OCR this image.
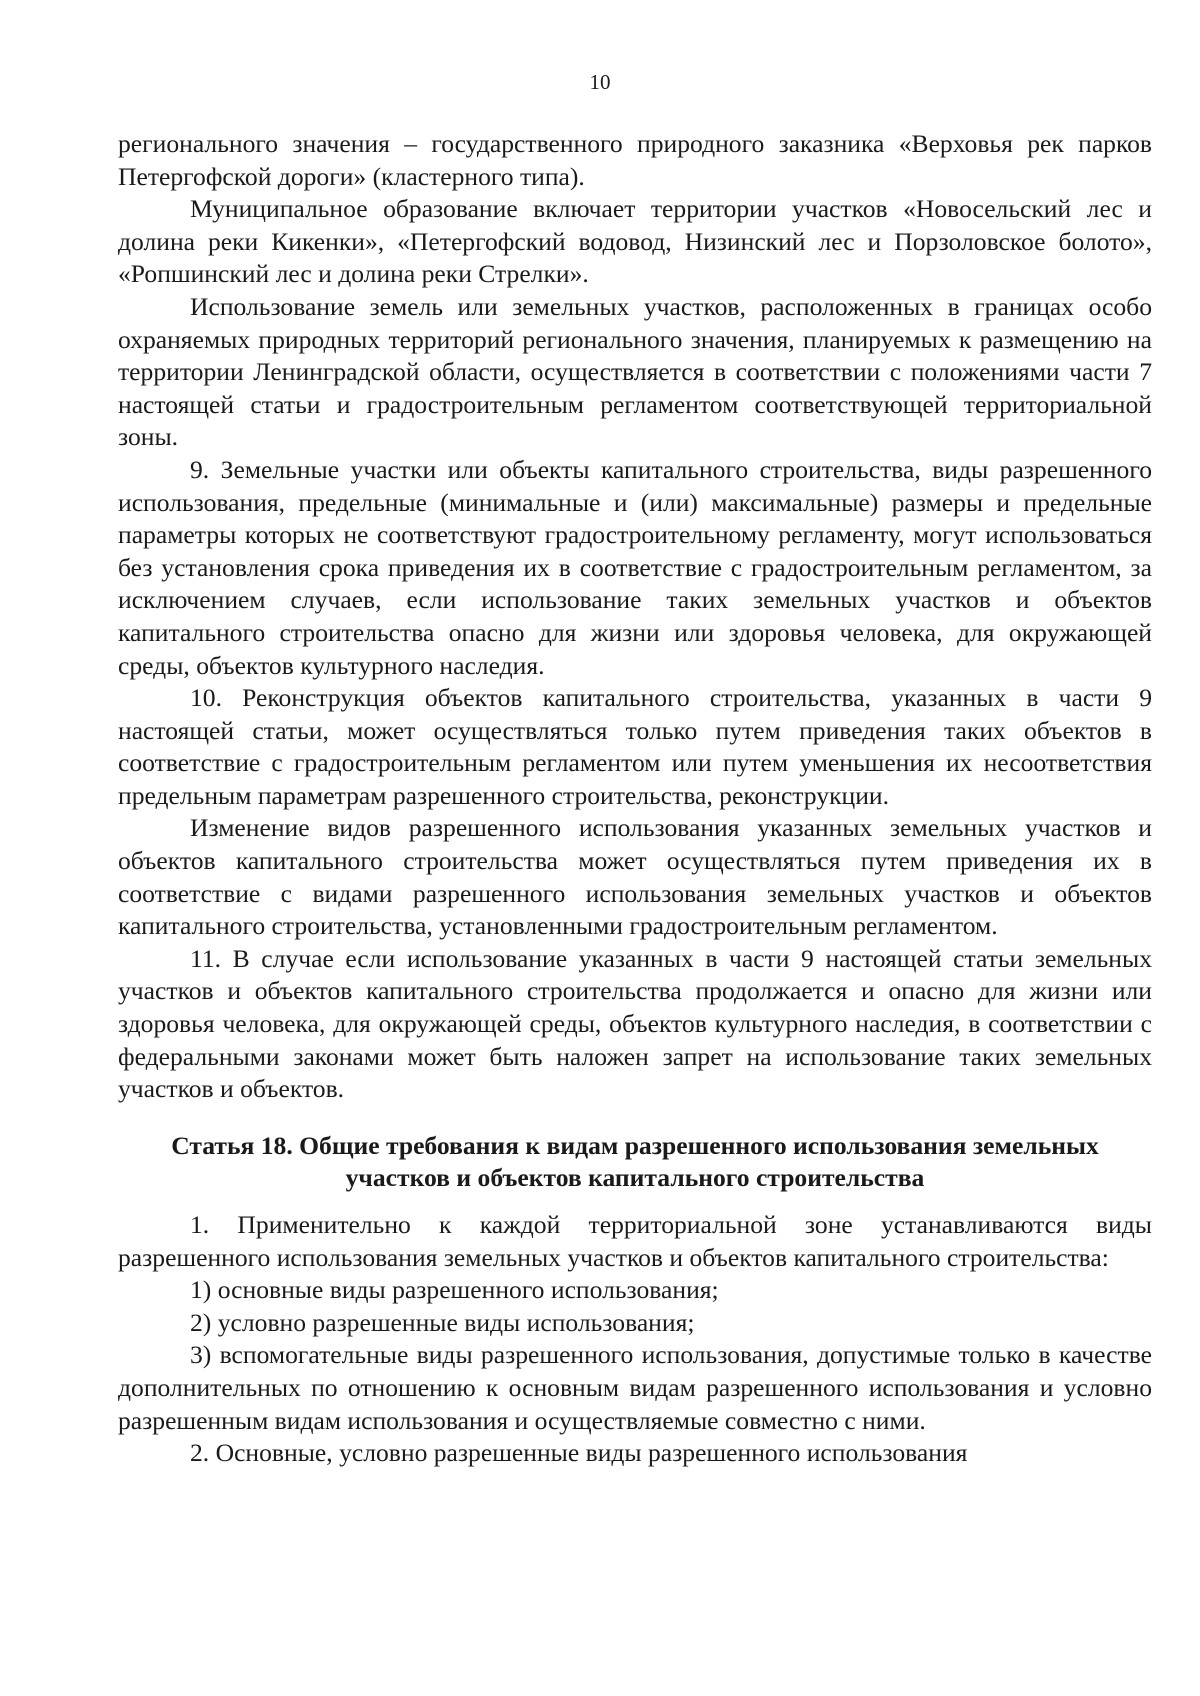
10

регионального значения – государственного природного заказника «Верховья рек парков Петергофской дороги» (кластерного типа).

Муниципальное образование включает территории участков «Новосельский лес и долина реки Кикенки», «Петергофский водовод, Низинский лес и Порзоловское болото», «Ропшинский лес и долина реки Стрелки».

Использование земель или земельных участков, расположенных в границах особо охраняемых природных территорий регионального значения, планируемых к размещению на территории Ленинградской области, осуществляется в соответствии с положениями части 7 настоящей статьи и градостроительным регламентом соответствующей территориальной зоны.

9. Земельные участки или объекты капитального строительства, виды разрешенного использования, предельные (минимальные и (или) максимальные) размеры и предельные параметры которых не соответствуют градостроительному регламенту, могут использоваться без установления срока приведения их в соответствие с градостроительным регламентом, за исключением случаев, если использование таких земельных участков и объектов капитального строительства опасно для жизни или здоровья человека, для окружающей среды, объектов культурного наследия.

10. Реконструкция объектов капитального строительства, указанных в части 9 настоящей статьи, может осуществляться только путем приведения таких объектов в соответствие с градостроительным регламентом или путем уменьшения их несоответствия предельным параметрам разрешенного строительства, реконструкции.

Изменение видов разрешенного использования указанных земельных участков и объектов капитального строительства может осуществляться путем приведения их в соответствие с видами разрешенного использования земельных участков и объектов капитального строительства, установленными градостроительным регламентом.

11. В случае если использование указанных в части 9 настоящей статьи земельных участков и объектов капитального строительства продолжается и опасно для жизни или здоровья человека, для окружающей среды, объектов культурного наследия, в соответствии с федеральными законами может быть наложен запрет на использование таких земельных участков и объектов.

Статья 18. Общие требования к видам разрешенного использования земельных участков и объектов капитального строительства

1. Применительно к каждой территориальной зоне устанавливаются виды разрешенного использования земельных участков и объектов капитального строительства:

1) основные виды разрешенного использования;

2) условно разрешенные виды использования;

3) вспомогательные виды разрешенного использования, допустимые только в качестве дополнительных по отношению к основным видам разрешенного использования и условно разрешенным видам использования и осуществляемые совместно с ними.

2. Основные, условно разрешенные виды разрешенного использования
